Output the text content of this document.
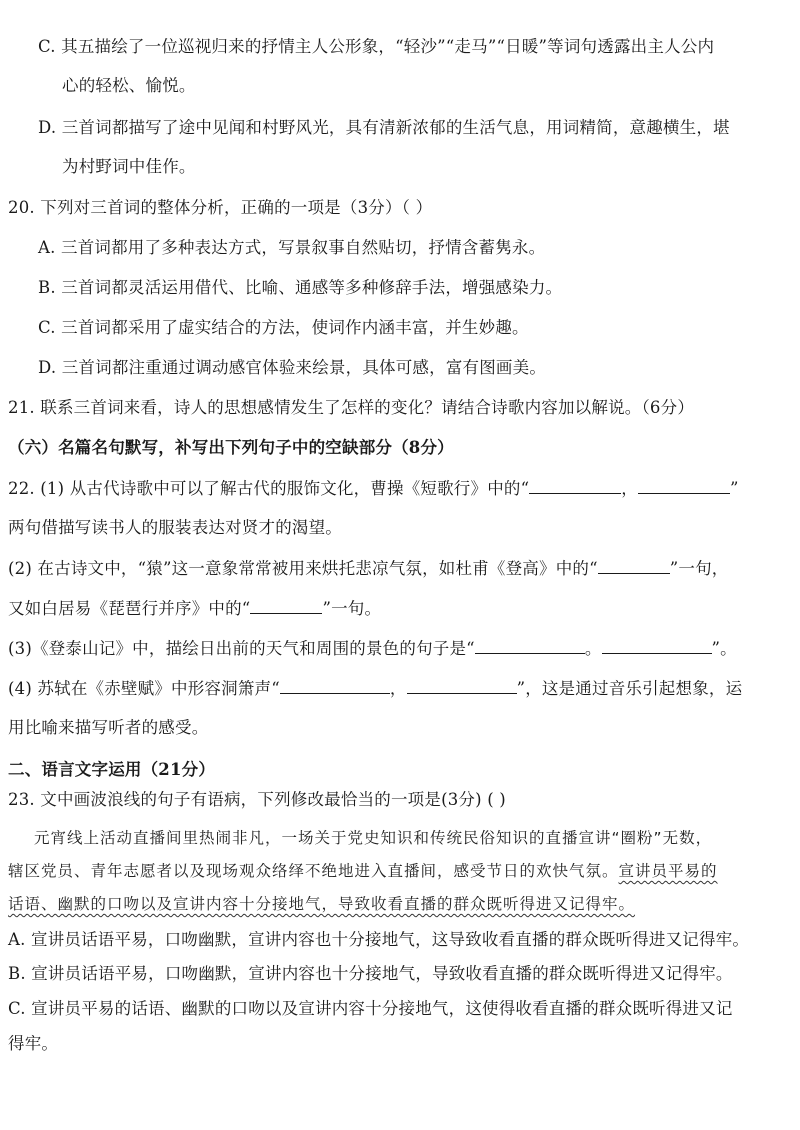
C. 其五描绘了一位巡视归来的抒情主人公形象，“轻沙”“走马”“日暖”等词句透露出主人公内
心的轻松、愉悦。
D. 三首词都描写了途中见闻和村野风光，具有清新浓郁的生活气息，用词精简，意趣横生，堪
为村野词中佳作。
20. 下列对三首词的整体分析，正确的一项是（3分）（ ）
A. 三首词都用了多种表达方式，写景叙事自然贴切，抒情含蓄隽永。
B. 三首词都灵活运用借代、比喻、通感等多种修辞手法，增强感染力。
C. 三首词都采用了虚实结合的方法，使词作内涵丰富，并生妙趣。
D. 三首词都注重通过调动感官体验来绘景，具体可感，富有图画美。
21. 联系三首词来看，诗人的思想感情发生了怎样的变化？请结合诗歌内容加以解说。（6分）
（六）名篇名句默写，补写出下列句子中的空缺部分（8分）
22. (1) 从古代诗歌中可以了解古代的服饰文化，曹操《短歌行》中的“	，	”
两句借描写读书人的服装表达对贤才的渴望。
(2) 在古诗文中，“猿”这一意象常常被用来烘托悲凉气氛，如杜甫《登高》中的“	”一句，
又如白居易《琵琶行并序》中的“	”一句。
(3)《登泰山记》中，描绘日出前的天气和周围的景色的句子是“	。	”。
(4) 苏轼在《赤壁赋》中形容洞箫声“	，	”，这是通过音乐引起想象，运
用比喻来描写听者的感受。
二、语言文字运用（21分）
23. 文中画波浪线的句子有语病，下列修改最恰当的一项是(3分) ( )
元宵线上活动直播间里热闹非凡，一场关于党史知识和传统民俗知识的直播宣讲“圈粉”无数，
辖区党员、青年志愿者以及现场观众络绎不绝地进入直播间，感受节日的欢快气氛。宣讲员平易的
话语、幽默的口吻以及宣讲内容十分接地气，导致收看直播的群众既听得进又记得牢。
A. 宣讲员话语平易，口吻幽默，宣讲内容也十分接地气，这导致收看直播的群众既听得进又记得牢。
B. 宣讲员话语平易，口吻幽默，宣讲内容也十分接地气，导致收看直播的群众既听得进又记得牢。
C. 宣讲员平易的话语、幽默的口吻以及宣讲内容十分接地气，这使得收看直播的群众既听得进又记
得牢。
